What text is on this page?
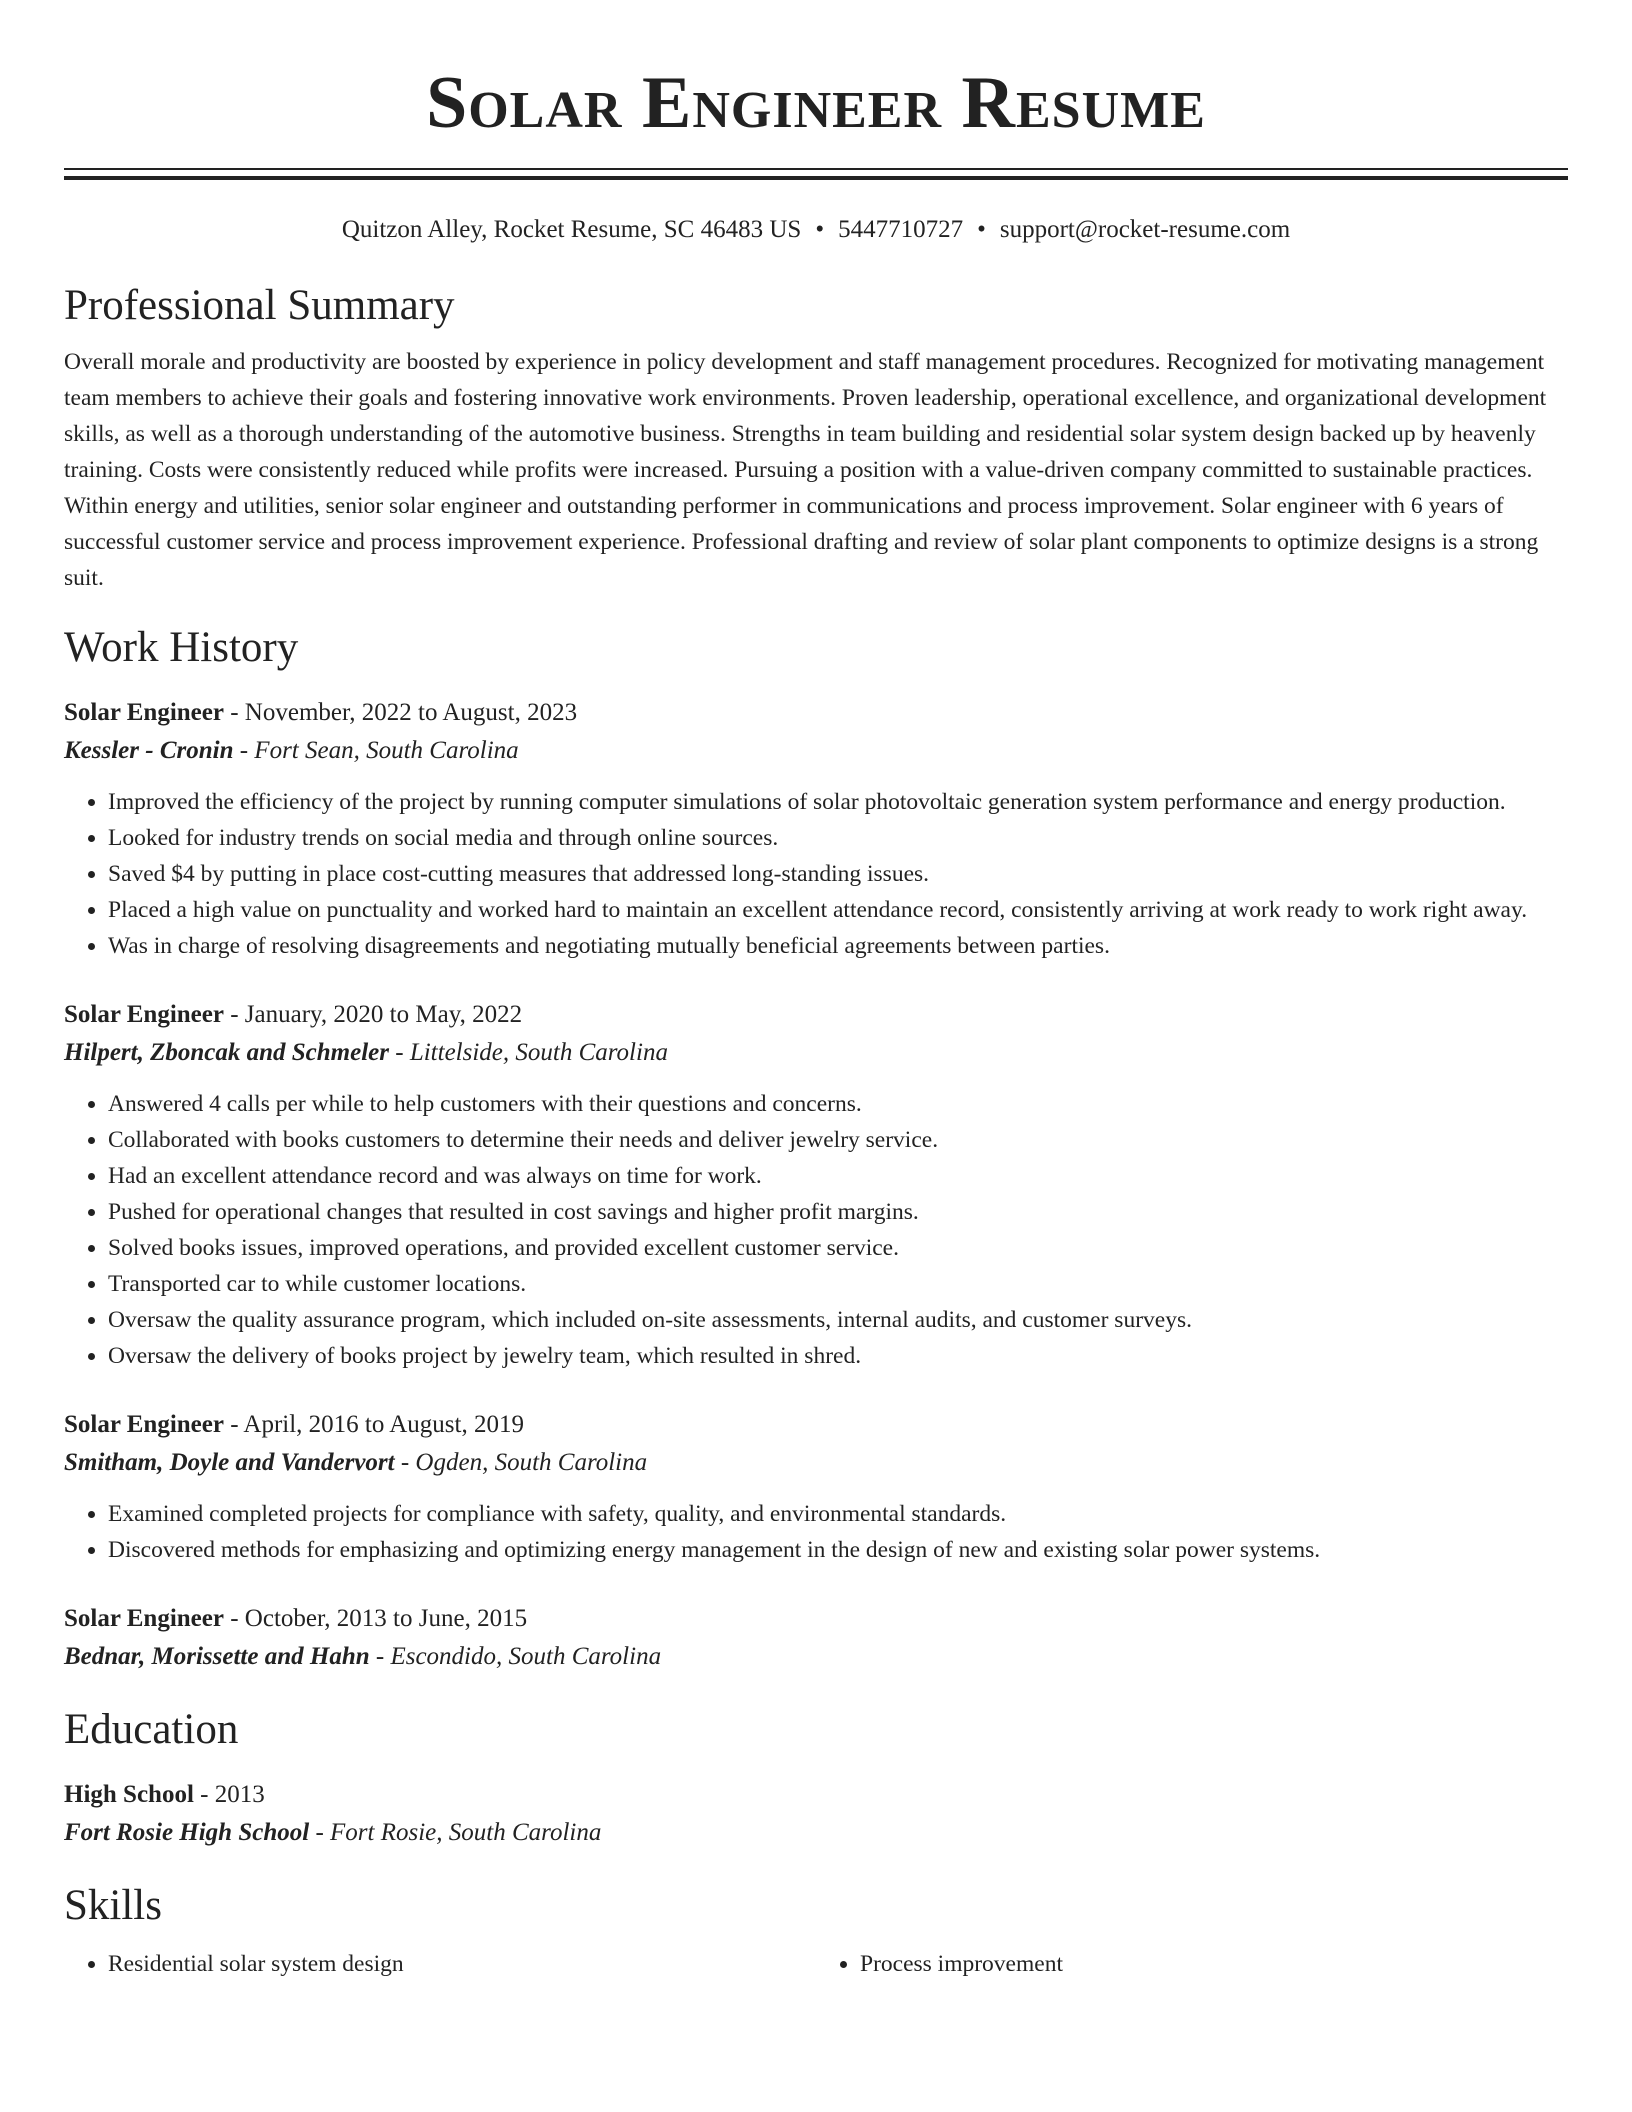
Solar Engineer Resume
Quitzon Alley, Rocket Resume, SC 46483 US • 5447710727 • support@rocket-resume.com
Professional Summary

Overall morale and productivity are boosted by experience in policy development and staff management procedures. Recognized for motivating management team members to achieve their goals and fostering innovative work environments. Proven leadership, operational excellence, and organizational development skills, as well as a thorough understanding of the automotive business. Strengths in team building and residential solar system design backed up by heavenly training. Costs were consistently reduced while profits were increased. Pursuing a position with a value-driven company committed to sustainable practices. Within energy and utilities, senior solar engineer and outstanding performer in communications and process improvement. Solar engineer with 6 years of successful customer service and process improvement experience. Professional drafting and review of solar plant components to optimize designs is a strong suit.

Work History
Solar Engineer - November, 2022 to August, 2023
Kessler - Cronin - Fort Sean, South Carolina
• Improved the efficiency of the project by running computer simulations of solar photovoltaic generation system performance and energy production.
• Looked for industry trends on social media and through online sources.
• Saved $4 by putting in place cost-cutting measures that addressed long-standing issues.
• Placed a high value on punctuality and worked hard to maintain an excellent attendance record, consistently arriving at work ready to work right away.
• Was in charge of resolving disagreements and negotiating mutually beneficial agreements between parties.
Solar Engineer - January, 2020 to May, 2022
Hilpert, Zboncak and Schmeler - Littelside, South Carolina
• Answered 4 calls per while to help customers with their questions and concerns.
• Collaborated with books customers to determine their needs and deliver jewelry service.
• Had an excellent attendance record and was always on time for work.
• Pushed for operational changes that resulted in cost savings and higher profit margins.
• Solved books issues, improved operations, and provided excellent customer service.
• Transported car to while customer locations.
• Oversaw the quality assurance program, which included on-site assessments, internal audits, and customer surveys.
• Oversaw the delivery of books project by jewelry team, which resulted in shred.
Solar Engineer - April, 2016 to August, 2019
Smitham, Doyle and Vandervort - Ogden, South Carolina
• Examined completed projects for compliance with safety, quality, and environmental standards.
• Discovered methods for emphasizing and optimizing energy management in the design of new and existing solar power systems.
Solar Engineer - October, 2013 to June, 2015
Bednar, Morissette and Hahn - Escondido, South Carolina
Education
High School - 2013
Fort Rosie High School - Fort Rosie, South Carolina
Skills
• Residential solar system design
•	Process improvement
